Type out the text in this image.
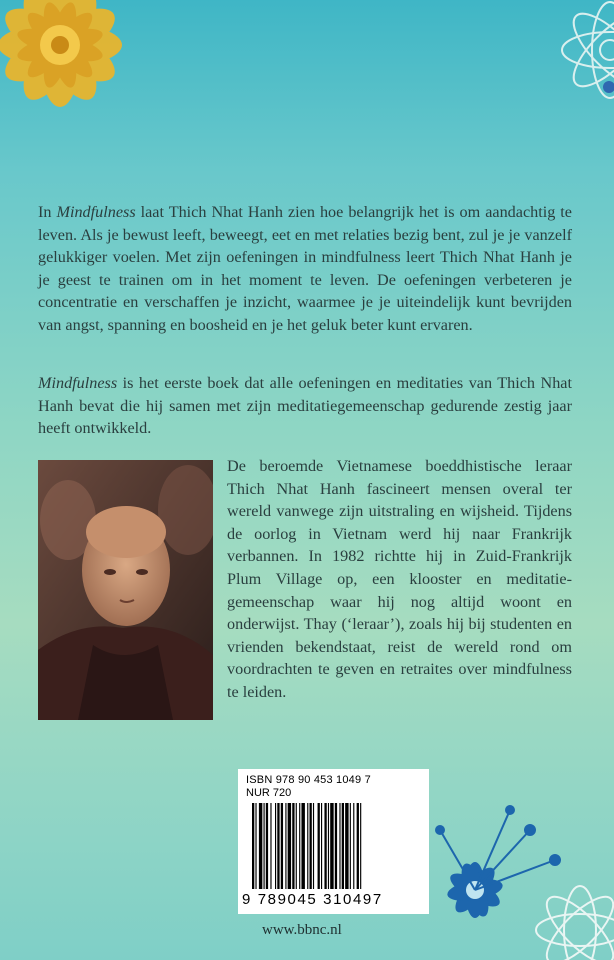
In Mindfulness laat Thich Nhat Hanh zien hoe belangrijk het is om aandachtig te leven. Als je bewust leeft, beweegt, eet en met relaties bezig bent, zul je je vanzelf gelukkiger voelen. Met zijn oefeningen in mindfulness leert Thich Nhat Hanh je je geest te trainen om in het moment te leven. De oefeningen verbeteren je concentratie en verschaffen je inzicht, waarmee je je uiteindelijk kunt bevrijden van angst, spanning en boosheid en je het geluk beter kunt ervaren.

Mindfulness is het eerste boek dat alle oefeningen en meditaties van Thich Nhat Hanh bevat die hij samen met zijn meditatiegemeenschap gedurende zestig jaar heeft ontwikkeld.

De beroemde Vietnamese boeddhistische leraar Thich Nhat Hanh fascineert mensen overal ter wereld vanwege zijn uitstraling en wijsheid. Tijdens de oorlog in Vietnam werd hij naar Frankrijk verbannen. In 1982 richtte hij in Zuid-Frankrijk Plum Village op, een klooster en meditatiegemeenschap waar hij nog altijd woont en onderwijst. Thay (‘leraar’), zoals hij bij studenten en vrienden bekendstaat, reist de wereld rond om voordrachten te geven en retraites over mindfulness te leiden.

ISBN 978 90 453 1049 7
NUR 720
9 789045 310497
www.bbnc.nl
